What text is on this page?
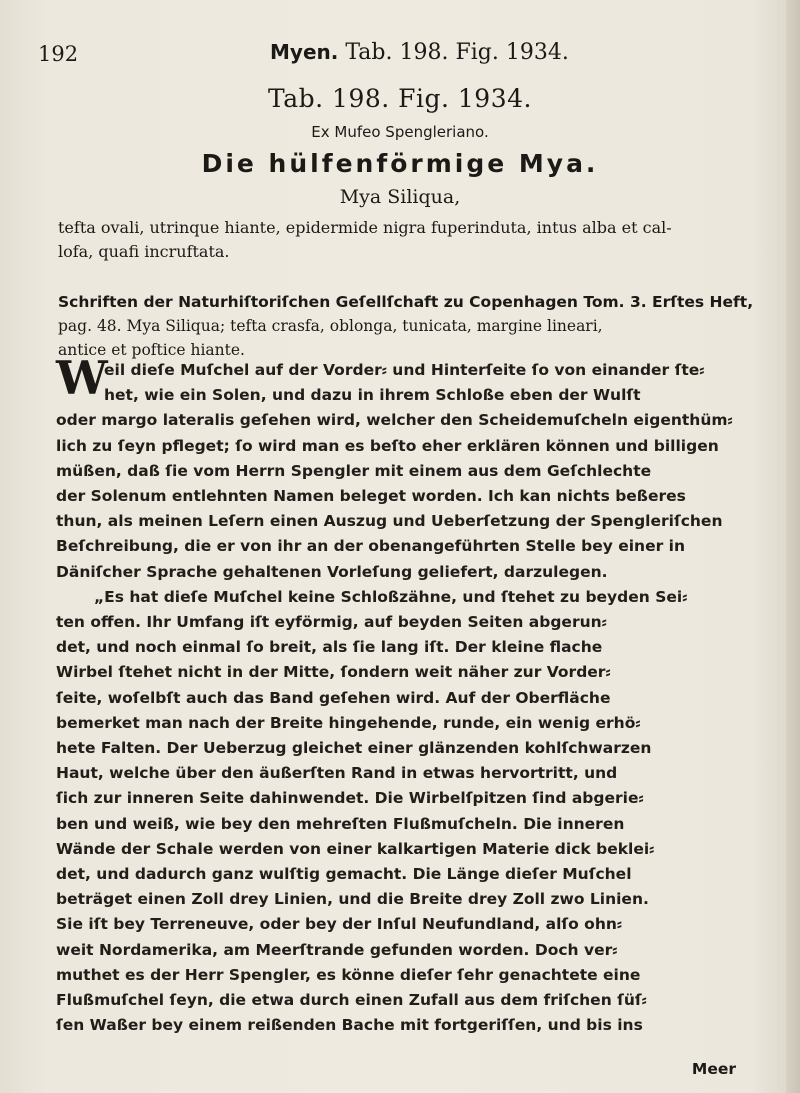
192	Myen. Tab. 198. Fig. 1934.
Tab. 198. Fig. 1934.
Ex Mufeo Spengleriano.
Die hülfenförmige Mya.
Mya Siliqua,
tefta ovali, utrinque hiante, epidermide nigra fuperinduta, intus alba et cal-
lofa, quafi incruftata.
Schriften der Naturhiſtoriſchen Geſellſchaft zu Copenhagen Tom. 3. Erſtes Heft,
pag. 48. Mya Siliqua; tefta crasfa, oblonga, tunicata, margine lineari,
antice et poftice hiante.
W
eil dieſe Muſchel auf der Vorder⸗ und Hinterſeite ſo von einander ſte⸗
het, wie ein Solen, und dazu in ihrem Schloße eben der Wulſt
oder margo lateralis geſehen wird, welcher den Scheidemuſcheln eigenthüm⸗
lich zu ſeyn pfleget; ſo wird man es beſto eher erklären können und billigen
müßen, daß ſie vom Herrn Spengler mit einem aus dem Geſchlechte
der Solenum entlehnten Namen beleget worden. Ich kan nichts beßeres
thun, als meinen Leſern einen Auszug und Ueberſetzung der Spengleriſchen
Beſchreibung, die er von ihr an der obenangeführten Stelle bey einer in
Däniſcher Sprache gehaltenen Vorleſung geliefert, darzulegen.
„Es hat dieſe Muſchel keine Schloßzähne, und ſtehet zu beyden Sei⸗
ten offen. Ihr Umfang iſt eyförmig, auf beyden Seiten abgerun⸗
det, und noch einmal ſo breit, als ſie lang iſt. Der kleine flache
Wirbel ſtehet nicht in der Mitte, ſondern weit näher zur Vorder⸗
ſeite, woſelbſt auch das Band geſehen wird. Auf der Oberfläche
bemerket man nach der Breite hingehende, runde, ein wenig erhö⸗
hete Falten. Der Ueberzug gleichet einer glänzenden kohlſchwarzen
Haut, welche über den äußerſten Rand in etwas hervortritt, und
ſich zur inneren Seite dahinwendet. Die Wirbelſpitzen ſind abgerie⸗
ben und weiß, wie bey den mehreſten Flußmuſcheln. Die inneren
Wände der Schale werden von einer kalkartigen Materie dick beklei⸗
det, und dadurch ganz wulſtig gemacht. Die Länge dieſer Muſchel
beträget einen Zoll drey Linien, und die Breite drey Zoll zwo Linien.
Sie iſt bey Terreneuve, oder bey der Inſul Neufundland, alſo ohn⸗
weit Nordamerika, am Meerſtrande gefunden worden. Doch ver⸗
muthet es der Herr Spengler, es könne dieſer ſehr genachtete eine
Flußmuſchel ſeyn, die etwa durch einen Zufall aus dem friſchen ſüſ⸗
ſen Waßer bey einem reißenden Bache mit fortgeriſſen, und bis ins
Meer
